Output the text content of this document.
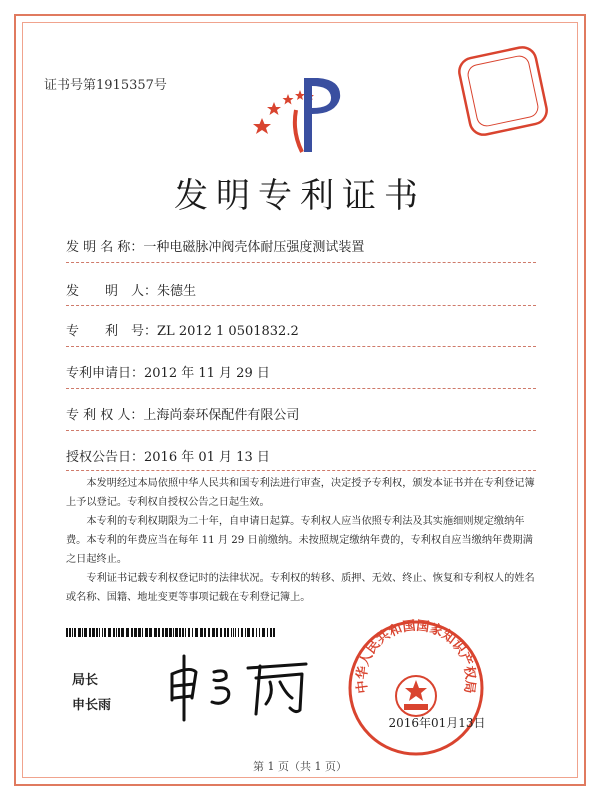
证书号第1915357号
发明专利证书
发 明 名 称：一种电磁脉冲阀壳体耐压强度测试装置
发　　明　人：朱德生
专　　利　号：ZL 2012 1 0501832.2
专利申请日：2012 年 11 月 29 日
专 利 权 人：上海尚泰环保配件有限公司
授权公告日：2016 年 01 月 13 日

本发明经过本局依照中华人民共和国专利法进行审查，决定授予专利权，颁发本证书并在专利登记簿上予以登记。专利权自授权公告之日起生效。

本专利的专利权期限为二十年，自申请日起算。专利权人应当依照专利法及其实施细则规定缴纳年费。本专利的年费应当在每年 11 月 29 日前缴纳。未按照规定缴纳年费的，专利权自应当缴纳年费期满之日起终止。

专利证书记载专利权登记时的法律状况。专利权的转移、质押、无效、终止、恢复和专利权人的姓名或名称、国籍、地址变更等事项记载在专利登记簿上。

局长
申长雨
中华人民共和国国家知识产权局
2016年01月13日
第 1 页（共 1 页）
